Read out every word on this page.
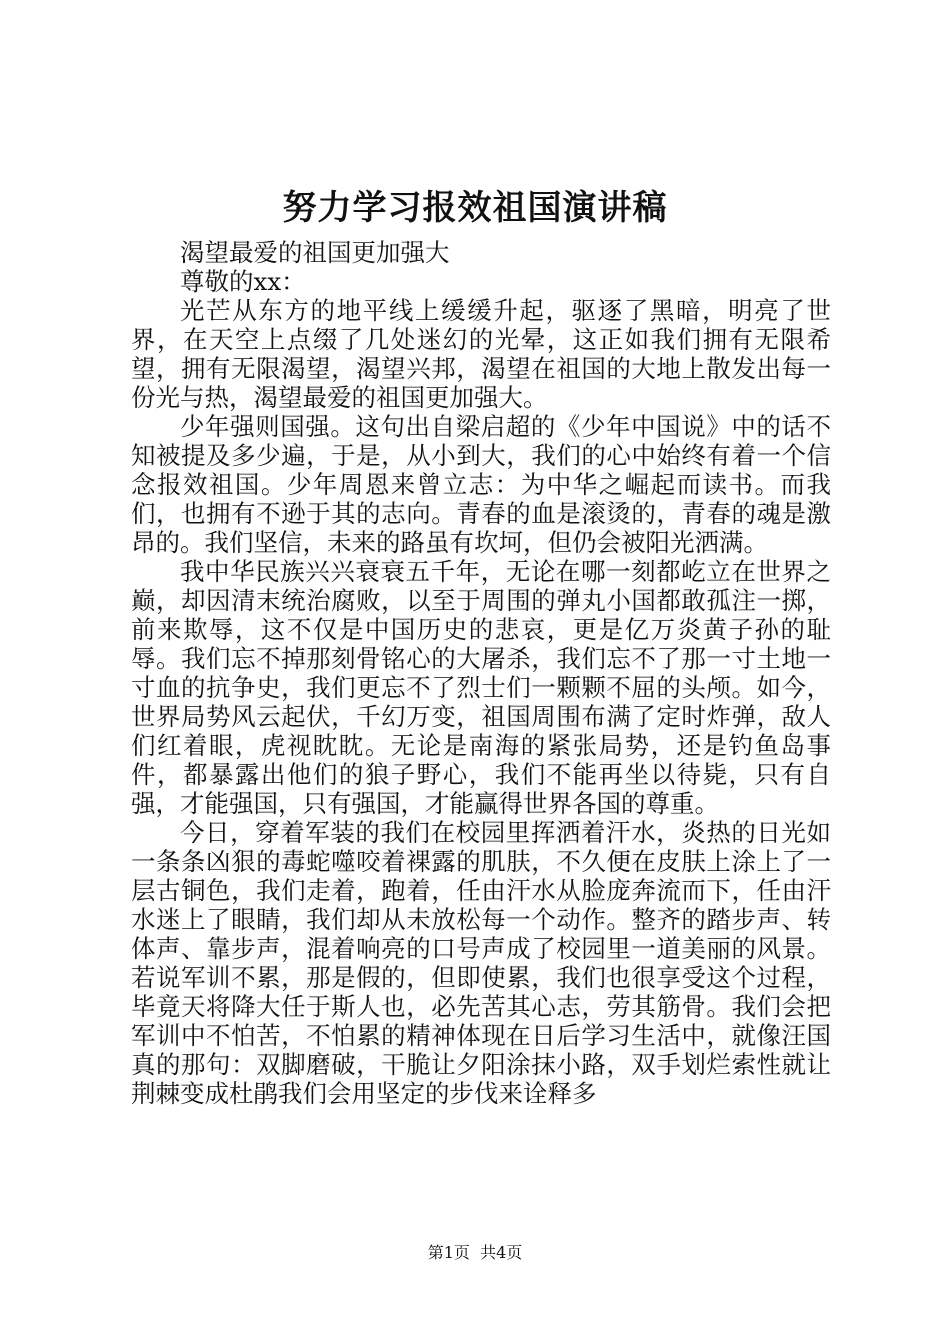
努力学习报效祖国演讲稿

渴望最爱的祖国更加强大

尊敬的xx：

光芒从东方的地平线上缓缓升起，驱逐了黑暗，明亮了世界，在天空上点缀了几处迷幻的光晕，这正如我们拥有无限希望，拥有无限渴望，渴望兴邦，渴望在祖国的大地上散发出每一份光与热，渴望最爱的祖国更加强大。

少年强则国强。这句出自梁启超的《少年中国说》中的话不知被提及多少遍，于是，从小到大，我们的心中始终有着一个信念报效祖国。少年周恩来曾立志：为中华之崛起而读书。而我们，也拥有不逊于其的志向。青春的血是滚烫的，青春的魂是激昂的。我们坚信，未来的路虽有坎坷，但仍会被阳光洒满。

我中华民族兴兴衰衰五千年，无论在哪一刻都屹立在世界之巅，却因清末统治腐败，以至于周围的弹丸小国都敢孤注一掷，前来欺辱，这不仅是中国历史的悲哀，更是亿万炎黄子孙的耻辱。我们忘不掉那刻骨铭心的大屠杀，我们忘不了那一寸土地一寸血的抗争史，我们更忘不了烈士们一颗颗不屈的头颅。如今，世界局势风云起伏，千幻万变，祖国周围布满了定时炸弹，敌人们红着眼，虎视眈眈。无论是南海的紧张局势，还是钓鱼岛事件，都暴露出他们的狼子野心，我们不能再坐以待毙，只有自强，才能强国，只有强国，才能赢得世界各国的尊重。

今日，穿着军装的我们在校园里挥洒着汗水，炎热的日光如一条条凶狠的毒蛇噬咬着裸露的肌肤，不久便在皮肤上涂上了一层古铜色，我们走着，跑着，任由汗水从脸庞奔流而下，任由汗水迷上了眼睛，我们却从未放松每一个动作。整齐的踏步声、转体声、靠步声，混着响亮的口号声成了校园里一道美丽的风景。若说军训不累，那是假的，但即使累，我们也很享受这个过程，毕竟天将降大任于斯人也，必先苦其心志，劳其筋骨。我们会把军训中不怕苦，不怕累的精神体现在日后学习生活中，就像汪国真的那句：双脚磨破，干脆让夕阳涂抹小路，双手划烂索性就让荆棘变成杜鹃我们会用坚定的步伐来诠释多

第1页  共4页
